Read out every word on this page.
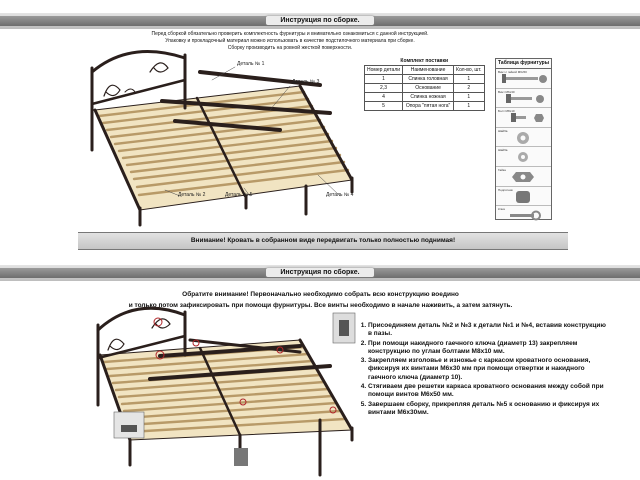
Инструкция по сборке.
Перед сборкой обязательно проверить комплектность фурнитуры и внимательно ознакомиться с данной инструкцией.
Упаковку и прокладочный материал можно использовать в качестве подстилочного материала при сборке.
Сборку производить на ровной жесткой поверхности.
Деталь № 1
Деталь № 3
Деталь № 2	Деталь № 5	Деталь № 4
Комплект поставки
Номер детали	Наименование	Кол-во, шт.
1	Спинка головная	1
2,3	Основание	2
4	Спинка ножная	1
5	Опора "пятая нога"	1
Таблица фурнитуры
Винт с гайкой М6х50
Винт М6х30
Болт М8х10
Шайба
Шайба
Гайка
Подпятник
Ключ
Внимание! Кровать в собранном виде передвигать только полностью поднимая!
Инструкция по сборке.
Обратите внимание! Первоначально необходимо собрать всю конструкцию воедино
и только потом зафиксировать при помощи фурнитуры. Все винты необходимо в начале наживить, а затем затянуть.
1. Присоединяем деталь №2 и №3 к детали №1 и №4, вставив конструкцию в пазы.
2. При помощи накидного гаечного ключа (диаметр 13) закрепляем конструкцию по углам болтами М8х10 мм.
3. Закрепляем изголовье и изножье с каркасом кроватного основания, фиксируя их винтами М6х30 мм при помощи отвертки и накидного гаечного ключа (диаметр 10).
4. Стягиваем две решетки каркаса кроватного основания между собой при помощи винтов М6х50 мм.
5. Завершаем сборку, прикрепляя деталь №5 к основанию и фиксируя их винтами М6х30мм.
